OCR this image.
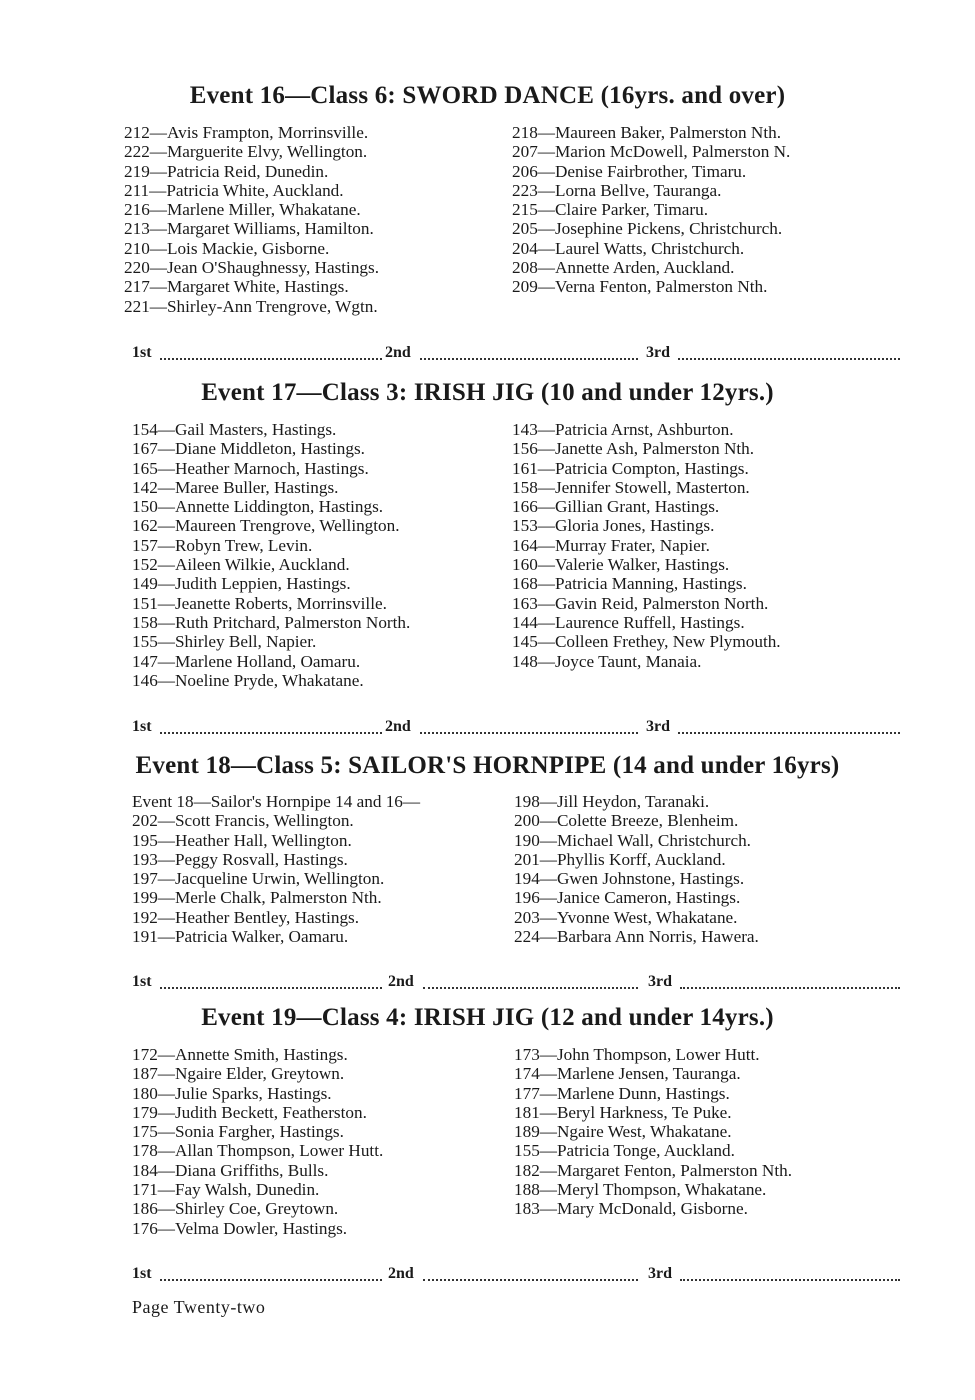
Event 16—Class 6: SWORD DANCE (16yrs. and over)
212—Avis Frampton, Morrinsville.
222—Marguerite Elvy, Wellington.
219—Patricia Reid, Dunedin.
211—Patricia White, Auckland.
216—Marlene Miller, Whakatane.
213—Margaret Williams, Hamilton.
210—Lois Mackie, Gisborne.
220—Jean O'Shaughnessy, Hastings.
217—Margaret White, Hastings.
221—Shirley-Ann Trengrove, Wgtn.
218—Maureen Baker, Palmerston Nth.
207—Marion McDowell, Palmerston N.
206—Denise Fairbrother, Timaru.
223—Lorna Bellve, Tauranga.
215—Claire Parker, Timaru.
205—Josephine Pickens, Christchurch.
204—Laurel Watts, Christchurch.
208—Annette Arden, Auckland.
209—Verna Fenton, Palmerston Nth.
1st	2nd	3rd
Event 17—Class 3: IRISH JIG (10 and under 12yrs.)
154—Gail Masters, Hastings.
167—Diane Middleton, Hastings.
165—Heather Marnoch, Hastings.
142—Maree Buller, Hastings.
150—Annette Liddington, Hastings.
162—Maureen Trengrove, Wellington.
157—Robyn Trew, Levin.
152—Aileen Wilkie, Auckland.
149—Judith Leppien, Hastings.
151—Jeanette Roberts, Morrinsville.
158—Ruth Pritchard, Palmerston North.
155—Shirley Bell, Napier.
147—Marlene Holland, Oamaru.
146—Noeline Pryde, Whakatane.
143—Patricia Arnst, Ashburton.
156—Janette Ash, Palmerston Nth.
161—Patricia Compton, Hastings.
158—Jennifer Stowell, Masterton.
166—Gillian Grant, Hastings.
153—Gloria Jones, Hastings.
164—Murray Frater, Napier.
160—Valerie Walker, Hastings.
168—Patricia Manning, Hastings.
163—Gavin Reid, Palmerston North.
144—Laurence Ruffell, Hastings.
145—Colleen Frethey, New Plymouth.
148—Joyce Taunt, Manaia.
1st	2nd	3rd
Event 18—Class 5: SAILOR'S HORNPIPE (14 and under 16yrs)
Event 18—Sailor's Hornpipe 14 and 16—
202—Scott Francis, Wellington.
195—Heather Hall, Wellington.
193—Peggy Rosvall, Hastings.
197—Jacqueline Urwin, Wellington.
199—Merle Chalk, Palmerston Nth.
192—Heather Bentley, Hastings.
191—Patricia Walker, Oamaru.
198—Jill Heydon, Taranaki.
200—Colette Breeze, Blenheim.
190—Michael Wall, Christchurch.
201—Phyllis Korff, Auckland.
194—Gwen Johnstone, Hastings.
196—Janice Cameron, Hastings.
203—Yvonne West, Whakatane.
224—Barbara Ann Norris, Hawera.
1st	2nd	3rd
Event 19—Class 4: IRISH JIG (12 and under 14yrs.)
172—Annette Smith, Hastings.
187—Ngaire Elder, Greytown.
180—Julie Sparks, Hastings.
179—Judith Beckett, Featherston.
175—Sonia Fargher, Hastings.
178—Allan Thompson, Lower Hutt.
184—Diana Griffiths, Bulls.
171—Fay Walsh, Dunedin.
186—Shirley Coe, Greytown.
176—Velma Dowler, Hastings.
173—John Thompson, Lower Hutt.
174—Marlene Jensen, Tauranga.
177—Marlene Dunn, Hastings.
181—Beryl Harkness, Te Puke.
189—Ngaire West, Whakatane.
155—Patricia Tonge, Auckland.
182—Margaret Fenton, Palmerston Nth.
188—Meryl Thompson, Whakatane.
183—Mary McDonald, Gisborne.
1st	2nd	3rd
Page Twenty-two
